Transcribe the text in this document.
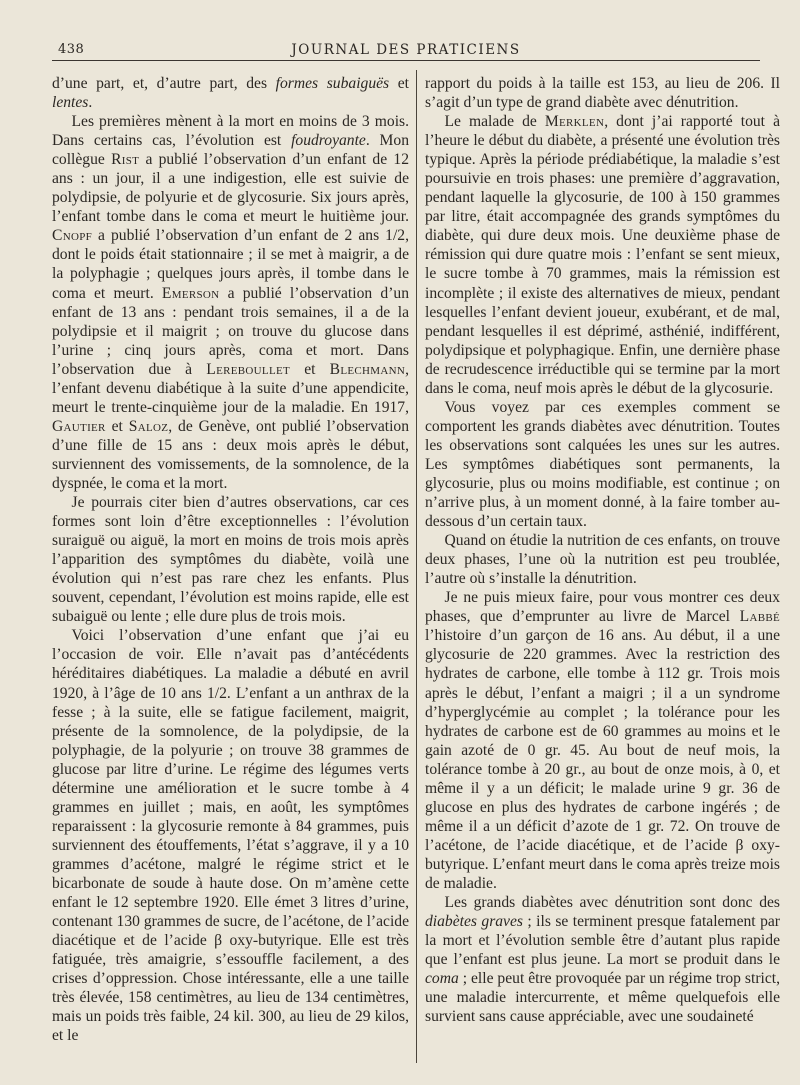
438	JOURNAL DES PRATICIENS

d’une part, et, d’autre part, des formes subaiguës et lentes.

Les premières mènent à la mort en moins de 3 mois. Dans certains cas, l’évolution est foudroyante. Mon collègue Rist a publié l’observation d’un enfant de 12 ans : un jour, il a une indigestion, elle est suivie de polydipsie, de polyurie et de glycosurie. Six jours après, l’enfant tombe dans le coma et meurt le huitième jour. Cnopf a publié l’observation d’un enfant de 2 ans 1/2, dont le poids était stationnaire ; il se met à maigrir, a de la polyphagie ; quelques jours après, il tombe dans le coma et meurt. Emerson a publié l’observation d’un enfant de 13 ans : pendant trois semaines, il a de la polydipsie et il maigrit ; on trouve du glucose dans l’urine ; cinq jours après, coma et mort. Dans l’observation due à Lereboullet et Blechmann, l’enfant devenu diabétique à la suite d’une appendicite, meurt le trente-cinquième jour de la maladie. En 1917, Gautier et Saloz, de Genève, ont publié l’observation d’une fille de 15 ans : deux mois après le début, surviennent des vomissements, de la somnolence, de la dyspnée, le coma et la mort.

Je pourrais citer bien d’autres observations, car ces formes sont loin d’être exceptionnelles : l’évolution suraiguë ou aiguë, la mort en moins de trois mois après l’apparition des symptômes du diabète, voilà une évolution qui n’est pas rare chez les enfants. Plus souvent, cependant, l’évolution est moins rapide, elle est subaiguë ou lente ; elle dure plus de trois mois.

Voici l’observation d’une enfant que j’ai eu l’occasion de voir. Elle n’avait pas d’antécédents héréditaires diabétiques. La maladie a débuté en avril 1920, à l’âge de 10 ans 1/2. L’enfant a un anthrax de la fesse ; à la suite, elle se fatigue facilement, maigrit, présente de la somnolence, de la polydipsie, de la polyphagie, de la polyurie ; on trouve 38 grammes de glucose par litre d’urine. Le régime des légumes verts détermine une amélioration et le sucre tombe à 4 grammes en juillet ; mais, en août, les symptômes reparaissent : la glycosurie remonte à 84 grammes, puis surviennent des étouffements, l’état s’aggrave, il y a 10 grammes d’acétone, malgré le régime strict et le bicarbonate de soude à haute dose. On m’amène cette enfant le 12 septembre 1920. Elle émet 3 litres d’urine, contenant 130 grammes de sucre, de l’acétone, de l’acide diacétique et de l’acide β oxy-butyrique. Elle est très fatiguée, très amaigrie, s’essouffle facilement, a des crises d’oppression. Chose intéressante, elle a une taille très élevée, 158 centimètres, au lieu de 134 centimètres, mais un poids très faible, 24 kil. 300, au lieu de 29 kilos, et le

rapport du poids à la taille est 153, au lieu de 206. Il s’agit d’un type de grand diabète avec dénutrition.

Le malade de Merklen, dont j’ai rapporté tout à l’heure le début du diabète, a présenté une évolution très typique. Après la période prédiabétique, la maladie s’est poursuivie en trois phases: une première d’aggravation, pendant laquelle la glycosurie, de 100 à 150 grammes par litre, était accompagnée des grands symptômes du diabète, qui dure deux mois. Une deuxième phase de rémission qui dure quatre mois : l’enfant se sent mieux, le sucre tombe à 70 grammes, mais la rémission est incomplète ; il existe des alternatives de mieux, pendant lesquelles l’enfant devient joueur, exubérant, et de mal, pendant lesquelles il est déprimé, asthénié, indifférent, polydipsique et polyphagique. Enfin, une dernière phase de recrudescence irréductible qui se termine par la mort dans le coma, neuf mois après le début de la glycosurie.

Vous voyez par ces exemples comment se comportent les grands diabètes avec dénutrition. Toutes les observations sont calquées les unes sur les autres. Les symptômes diabétiques sont permanents, la glycosurie, plus ou moins modifiable, est continue ; on n’arrive plus, à un moment donné, à la faire tomber au-dessous d’un certain taux.

Quand on étudie la nutrition de ces enfants, on trouve deux phases, l’une où la nutrition est peu troublée, l’autre où s’installe la dénutrition.

Je ne puis mieux faire, pour vous montrer ces deux phases, que d’emprunter au livre de Marcel Labbé l’histoire d’un garçon de 16 ans. Au début, il a une glycosurie de 220 grammes. Avec la restriction des hydrates de carbone, elle tombe à 112 gr. Trois mois après le début, l’enfant a maigri ; il a un syndrome d’hyperglycémie au complet ; la tolérance pour les hydrates de carbone est de 60 grammes au moins et le gain azoté de 0 gr. 45. Au bout de neuf mois, la tolérance tombe à 20 gr., au bout de onze mois, à 0, et même il y a un déficit; le malade urine 9 gr. 36 de glucose en plus des hydrates de carbone ingérés ; de même il a un déficit d’azote de 1 gr. 72. On trouve de l’acétone, de l’acide diacétique, et de l’acide β oxy-butyrique. L’enfant meurt dans le coma après treize mois de maladie.

Les grands diabètes avec dénutrition sont donc des diabètes graves ; ils se terminent presque fatalement par la mort et l’évolution semble être d’autant plus rapide que l’enfant est plus jeune. La mort se produit dans le coma ; elle peut être provoquée par un régime trop strict, une maladie intercurrente, et même quelquefois elle survient sans cause appréciable, avec une soudaineté
